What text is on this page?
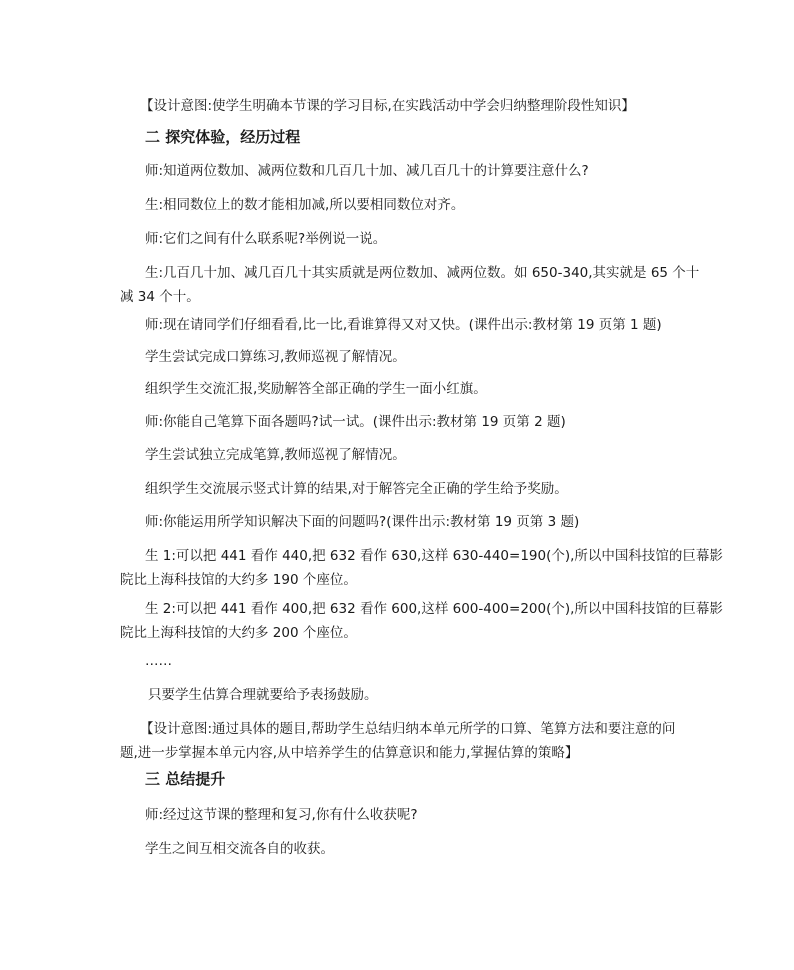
【设计意图:使学生明确本节课的学习目标,在实践活动中学会归纳整理阶段性知识】
二 探究体验，经历过程
师:知道两位数加、减两位数和几百几十加、减几百几十的计算要注意什么?
生:相同数位上的数才能相加减,所以要相同数位对齐。
师:它们之间有什么联系呢?举例说一说。
生:几百几十加、减几百几十其实质就是两位数加、减两位数。如 650-340,其实就是 65 个十
减 34 个十。
师:现在请同学们仔细看看,比一比,看谁算得又对又快。(课件出示:教材第 19 页第 1 题)
学生尝试完成口算练习,教师巡视了解情况。
组织学生交流汇报,奖励解答全部正确的学生一面小红旗。
师:你能自己笔算下面各题吗?试一试。(课件出示:教材第 19 页第 2 题)
学生尝试独立完成笔算,教师巡视了解情况。
组织学生交流展示竖式计算的结果,对于解答完全正确的学生给予奖励。
师:你能运用所学知识解决下面的问题吗?(课件出示:教材第 19 页第 3 题)
生 1:可以把 441 看作 440,把 632 看作 630,这样 630-440=190(个),所以中国科技馆的巨幕影
院比上海科技馆的大约多 190 个座位。
生 2:可以把 441 看作 400,把 632 看作 600,这样 600-400=200(个),所以中国科技馆的巨幕影
院比上海科技馆的大约多 200 个座位。
……
只要学生估算合理就要给予表扬鼓励。
【设计意图:通过具体的题目,帮助学生总结归纳本单元所学的口算、笔算方法和要注意的问
题,进一步掌握本单元内容,从中培养学生的估算意识和能力,掌握估算的策略】
三 总结提升
师:经过这节课的整理和复习,你有什么收获呢?
学生之间互相交流各自的收获。
